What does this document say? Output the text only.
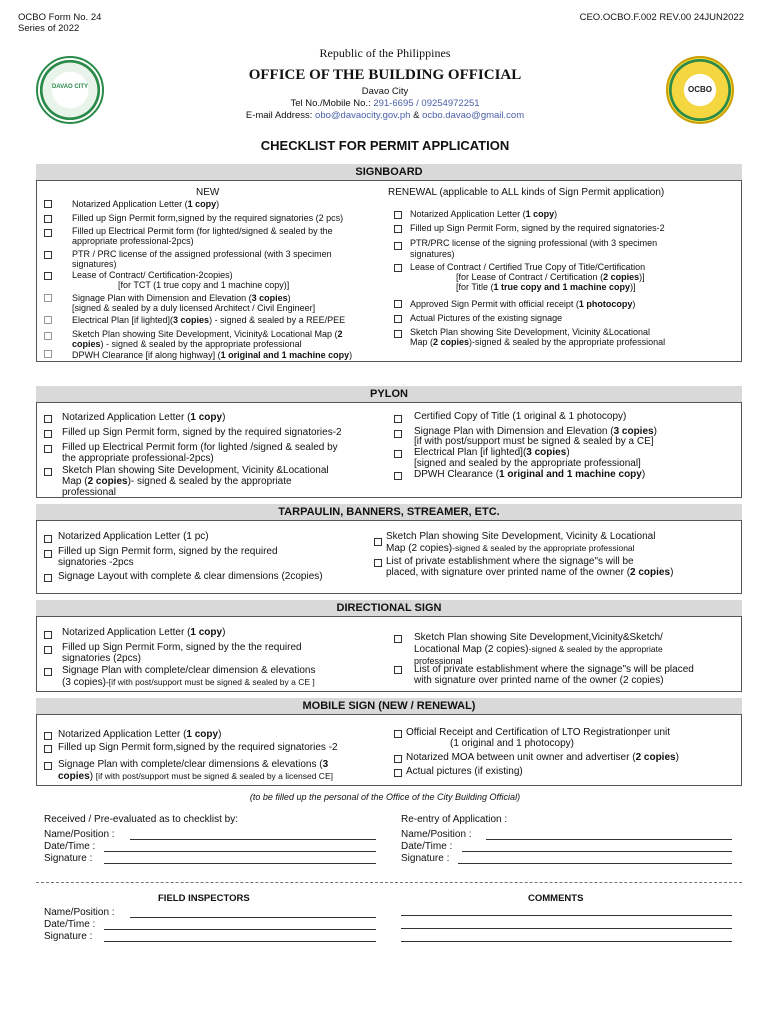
OCBO Form No. 24
Series of 2022
CEO.OCBO.F.002 REV.00 24JUN2022
DAVAO CITY	OCBO
Republic of the Philippines
OFFICE OF THE BUILDING OFFICIAL
Davao City
Tel No./Mobile No.: 291-6695 / 09254972251
E-mail Address: obo@davaocity.gov.ph & ocbo.davao@gmail.com
CHECKLIST FOR PERMIT APPLICATION
SIGNBOARD
NEW	RENEWAL (applicable to ALL kinds of Sign Permit application)
Notarized Application Letter (1 copy)
Filled up Sign Permit form,signed by the required signatories (2 pcs)
Filled up Electrical Permit form (for lighted/signed & sealed by the
appropriate professional-2pcs)
PTR / PRC license of the assigned professional (with 3 specimen
signatures)
Lease of Contract/ Certification-2copies)
[for TCT (1 true copy and 1 machine copy)]
Signage Plan with Dimension and Elevation (3 copies)
[signed & sealed by a duly licensed Architect / Civil Engineer]
Electrical Plan [if lighted](3 copies) - signed & sealed by a REE/PEE
Sketch Plan showing Site Development, Vicinity& Locational Map (2
copies) - signed & sealed by the appropriate professional
DPWH Clearance [if along highway] (1 original and 1 machine copy)
Notarized Application Letter (1 copy)
Filled up Sign Permit Form, signed by the required signatories-2
PTR/PRC license of the signing professional (with 3 specimen
signatures)
Lease of Contract / Certified True Copy of Title/Certification
[for Lease of Contract / Certification (2 copies)]
[for Title (1 true copy and 1 machine copy)]
Approved Sign Permit with official receipt (1 photocopy)
Actual Pictures of the existing signage
Sketch Plan showing Site Development, Vicinity &Locational
Map (2 copies)-signed & sealed by the appropriate professional
PYLON
Notarized Application Letter (1 copy)
Filled up Sign Permit form, signed by the required signatories-2
Filled up Electrical Permit form (for lighted /signed & sealed by
the appropriate professional-2pcs)
Sketch Plan showing Site Development, Vicinity &Locational
Map (2 copies)- signed & sealed by the appropriate
professional
Certified Copy of Title (1 original & 1 photocopy)
Signage Plan with Dimension and Elevation (3 copies)
[if with post/support must be signed & sealed by a CE]
Electrical Plan [if lighted](3 copies)
[signed and sealed by the appropriate professional]
DPWH Clearance (1 original and 1 machine copy)
TARPAULIN, BANNERS, STREAMER, ETC.
Notarized Application Letter (1 pc)
Filled up Sign Permit form, signed by the required
signatories -2pcs
Signage Layout with complete & clear dimensions (2copies)
Sketch Plan showing Site Development, Vicinity & Locational
Map (2 copies)-signed & sealed by the appropriate professional
List of private establishment where the signage"s will be
placed, with signature over printed name of the owner (2 copies)
DIRECTIONAL SIGN
Notarized Application Letter (1 copy)
Filled up Sign Permit Form, signed by the the required
signatories (2pcs)
Signage Plan with complete/clear dimension & elevations
(3 copies)-[if with post/support must be signed & sealed by a CE ]
Sketch Plan showing Site Development,Vicinity&Sketch/
Locational Map (2 copies)-signed & sealed by the appropriate
professional
List of private establishment where the signage"s will be placed
with signature over printed name of the owner (2 copies)
MOBILE SIGN (NEW / RENEWAL)
Notarized Application Letter (1 copy)
Filled up Sign Permit form,signed by the required signatories -2
Signage Plan with complete/clear dimensions & elevations (3
copies) [if with post/support must be signed & sealed by a licensed CE]
Official Receipt and Certification of LTO Registrationper unit
(1 original and 1 photocopy)
Notarized MOA between unit owner and advertiser (2 copies)
Actual pictures (if existing)
(to be filled up the personal of the Office of the City Building Official)
Received / Pre-evaluated as to checklist by:
Name/Position :
Date/Time :
Signature :
Re-entry of Application :
Name/Position :
Date/Time :
Signature :
FIELD INSPECTORS	COMMENTS
Name/Position :
Date/Time :
Signature :
